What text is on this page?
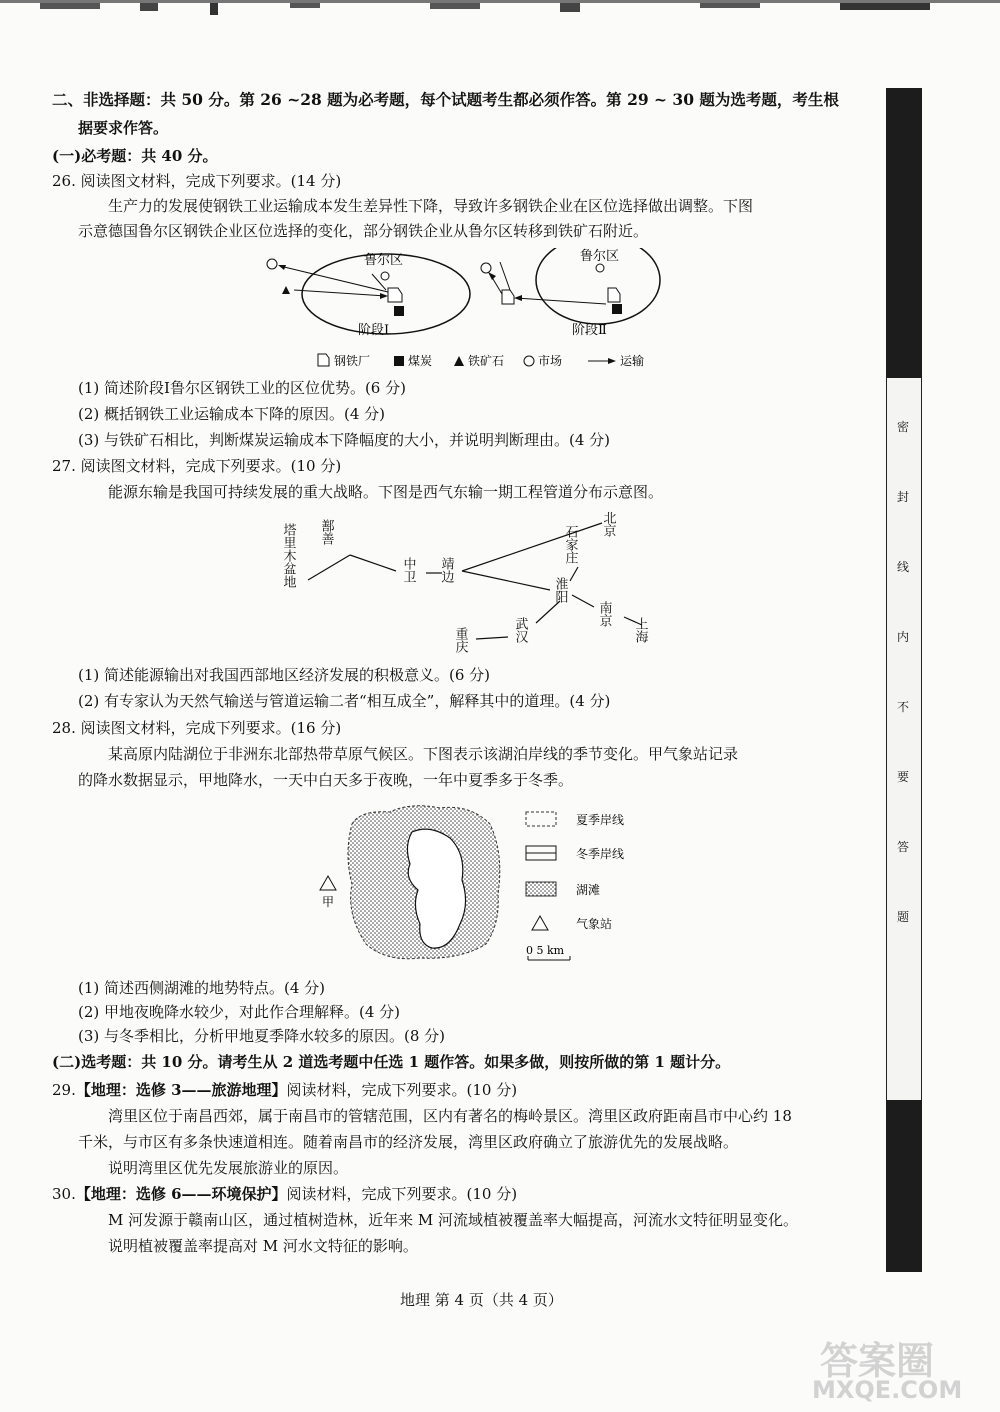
二、非选择题：共 50 分。第 26 ~28 题为必考题，每个试题考生都必须作答。第 29 ~ 30 题为选考题，考生根
据要求作答。
(一)必考题：共 40 分。
26. 阅读图文材料，完成下列要求。(14 分)
生产力的发展使钢铁工业运输成本发生差异性下降，导致许多钢铁企业在区位选择做出调整。下图
示意德国鲁尔区钢铁企业区位选择的变化，部分钢铁企业从鲁尔区转移到铁矿石附近。
鲁尔区
阶段Ⅰ
鲁尔区
阶段Ⅱ
钢铁厂	煤炭	铁矿石	市场	运输
(1) 简述阶段Ⅰ鲁尔区钢铁工业的区位优势。(6 分)
(2) 概括钢铁工业运输成本下降的原因。(4 分)
(3) 与铁矿石相比，判断煤炭运输成本下降幅度的大小，并说明判断理由。(4 分)
27. 阅读图文材料，完成下列要求。(10 分)
能源东输是我国可持续发展的重大战略。下图是西气东输一期工程管道分布示意图。
塔里木盆地 鄯善
中卫 靖边
北京
石家庄
淮阳
南京
上海
武汉
重庆
(1) 简述能源输出对我国西部地区经济发展的积极意义。(6 分)
(2) 有专家认为天然气输送与管道运输二者“相互成全”，解释其中的道理。(4 分)
28. 阅读图文材料，完成下列要求。(16 分)
某高原内陆湖位于非洲东北部热带草原气候区。下图表示该湖泊岸线的季节变化。甲气象站记录
的降水数据显示，甲地降水，一天中白天多于夜晚，一年中夏季多于冬季。
甲
夏季岸线
冬季岸线
湖滩
气象站
0 5 km
(1) 简述西侧湖滩的地势特点。(4 分)
(2) 甲地夜晚降水较少，对此作合理解释。(4 分)
(3) 与冬季相比，分析甲地夏季降水较多的原因。(8 分)
(二)选考题：共 10 分。请考生从 2 道选考题中任选 1 题作答。如果多做，则按所做的第 1 题计分。
29.【地理：选修 3——旅游地理】阅读材料，完成下列要求。(10 分)
湾里区位于南昌西郊，属于南昌市的管辖范围，区内有著名的梅岭景区。湾里区政府距南昌市中心约 18
千米，与市区有多条快速道相连。随着南昌市的经济发展，湾里区政府确立了旅游优先的发展战略。
说明湾里区优先发展旅游业的原因。
30.【地理：选修 6——环境保护】阅读材料，完成下列要求。(10 分)
M 河发源于赣南山区，通过植树造林，近年来 M 河流域植被覆盖率大幅提高，河流水文特征明显变化。
说明植被覆盖率提高对 M 河水文特征的影响。
地理 第 4 页（共 4 页）
密
封
线
内
不
要
答
题
答案圈
MXQE.COM
